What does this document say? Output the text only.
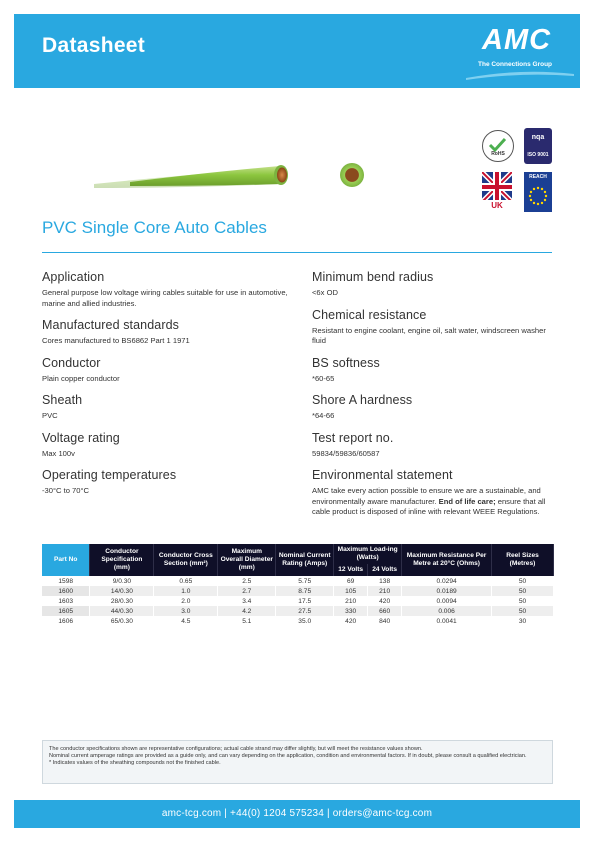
Datasheet	AMC
The Connections Group
RoHS
nqa
ISO 9001
UK
REACH
PVC Single Core Auto Cables
Application

General purpose low voltage wiring cables suitable for use in automotive, marine and allied industries.

Manufactured standards

Cores manufactured to BS6862 Part 1 1971

Conductor

Plain copper conductor

Sheath

PVC

Voltage rating

Max 100v

Operating temperatures

-30°C to 70°C

Minimum bend radius

<6x OD

Chemical resistance

Resistant to engine coolant, engine oil, salt water, windscreen washer fluid

BS softness

*60-65

Shore A hardness

*64-66

Test report no.

59834/59836/60587

Environmental statement

AMC take every action possible to ensure we are a sustainable, and environmentally aware manufacturer. End of life care; ensure that all cable product is disposed of inline with relevant WEEE Regulations.

Part No	Conductor Specification (mm)	Conductor Cross Section (mm²)	Maximum Overall Diameter (mm)	Nominal Current Rating (Amps)	Maximum Load-ing (Watts)		Maximum Resistance Per Metre at 20°C (Ohms)	Reel Sizes (Metres)
					12 Volts	24 Volts		
1598	9/0.30	0.65	2.5	5.75	69	138	0.0294	50
1600	14/0.30	1.0	2.7	8.75	105	210	0.0189	50
1603	28/0.30	2.0	3.4	17.5	210	420	0.0094	50
1605	44/0.30	3.0	4.2	27.5	330	660	0.006	50
1606	65/0.30	4.5	5.1	35.0	420	840	0.0041	30

The conductor specifications shown are representative configurations; actual cable strand may differ slightly, but will meet the resistance values shown.

Nominal current amperage ratings are provided as a guide only, and can vary depending on the application, condition and environmental factors. If in doubt, please consult a qualified electrician.

* Indicates values of the sheathing compounds not the finished cable.

amc-tcg.com | +44(0) 1204 575234 | orders@amc-tcg.com
